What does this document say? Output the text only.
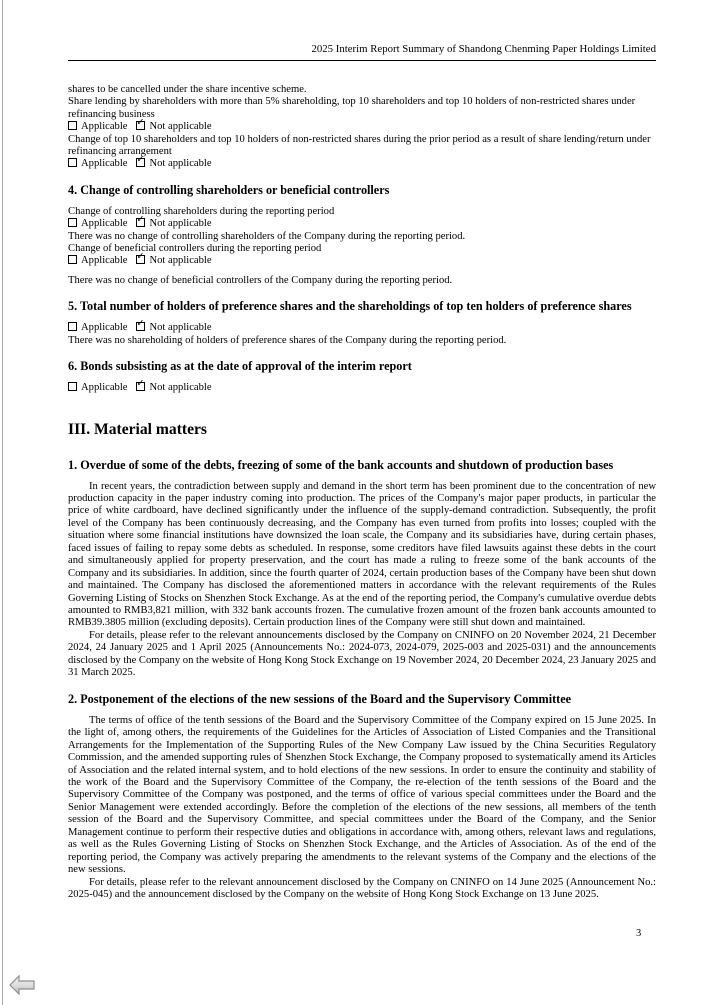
2025 Interim Report Summary of Shandong Chenming Paper Holdings Limited
shares to be cancelled under the share incentive scheme.
Share lending by shareholders with more than 5% shareholding, top 10 shareholders and top 10 holders of non-restricted shares under refinancing business
Applicable ✓ Not applicable
Change of top 10 shareholders and top 10 holders of non-restricted shares during the prior period as a result of share lending/return under refinancing arrangement
Applicable ✓ Not applicable
4. Change of controlling shareholders or beneficial controllers
Change of controlling shareholders during the reporting period
Applicable ✓ Not applicable
There was no change of controlling shareholders of the Company during the reporting period.
Change of beneficial controllers during the reporting period
Applicable ✓ Not applicable
There was no change of beneficial controllers of the Company during the reporting period.
5. Total number of holders of preference shares and the shareholdings of top ten holders of preference shares
Applicable ✓ Not applicable
There was no shareholding of holders of preference shares of the Company during the reporting period.
6. Bonds subsisting as at the date of approval of the interim report
Applicable ✓ Not applicable
III. Material matters
1. Overdue of some of the debts, freezing of some of the bank accounts and shutdown of production bases

In recent years, the contradiction between supply and demand in the short term has been prominent due to the concentration of new production capacity in the paper industry coming into production. The prices of the Company's major paper products, in particular the price of white cardboard, have declined significantly under the influence of the supply-demand contradiction. Subsequently, the profit level of the Company has been continuously decreasing, and the Company has even turned from profits into losses; coupled with the situation where some financial institutions have downsized the loan scale, the Company and its subsidiaries have, during certain phases, faced issues of failing to repay some debts as scheduled. In response, some creditors have filed lawsuits against these debts in the court and simultaneously applied for property preservation, and the court has made a ruling to freeze some of the bank accounts of the Company and its subsidiaries. In addition, since the fourth quarter of 2024, certain production bases of the Company have been shut down and maintained. The Company has disclosed the aforementioned matters in accordance with the relevant requirements of the Rules Governing Listing of Stocks on Shenzhen Stock Exchange. As at the end of the reporting period, the Company's cumulative overdue debts amounted to RMB3,821 million, with 332 bank accounts frozen. The cumulative frozen amount of the frozen bank accounts amounted to RMB39.3805 million (excluding deposits). Certain production lines of the Company were still shut down and maintained.

For details, please refer to the relevant announcements disclosed by the Company on CNINFO on 20 November 2024, 21 December 2024, 24 January 2025 and 1 April 2025 (Announcements No.: 2024-073, 2024-079, 2025-003 and 2025-031) and the announcements disclosed by the Company on the website of Hong Kong Stock Exchange on 19 November 2024, 20 December 2024, 23 January 2025 and 31 March 2025.

2. Postponement of the elections of the new sessions of the Board and the Supervisory Committee

The terms of office of the tenth sessions of the Board and the Supervisory Committee of the Company expired on 15 June 2025. In the light of, among others, the requirements of the Guidelines for the Articles of Association of Listed Companies and the Transitional Arrangements for the Implementation of the Supporting Rules of the New Company Law issued by the China Securities Regulatory Commission, and the amended supporting rules of Shenzhen Stock Exchange, the Company proposed to systematically amend its Articles of Association and the related internal system, and to hold elections of the new sessions. In order to ensure the continuity and stability of the work of the Board and the Supervisory Committee of the Company, the re-election of the tenth sessions of the Board and the Supervisory Committee of the Company was postponed, and the terms of office of various special committees under the Board and the Senior Management were extended accordingly. Before the completion of the elections of the new sessions, all members of the tenth session of the Board and the Supervisory Committee, and special committees under the Board of the Company, and the Senior Management continue to perform their respective duties and obligations in accordance with, among others, relevant laws and regulations, as well as the Rules Governing Listing of Stocks on Shenzhen Stock Exchange, and the Articles of Association. As of the end of the reporting period, the Company was actively preparing the amendments to the relevant systems of the Company and the elections of the new sessions.

For details, please refer to the relevant announcement disclosed by the Company on CNINFO on 14 June 2025 (Announcement No.: 2025-045) and the announcement disclosed by the Company on the website of Hong Kong Stock Exchange on 13 June 2025.

3
